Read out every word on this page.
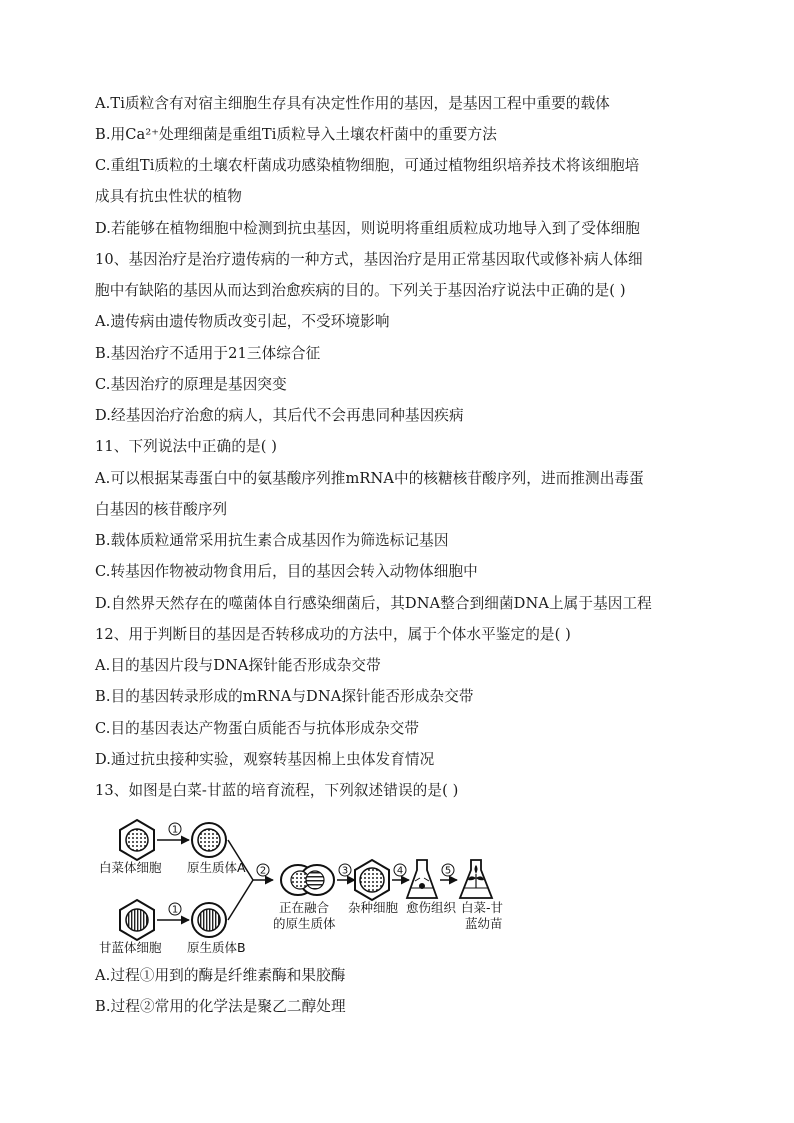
A.Ti质粒含有对宿主细胞生存具有决定性作用的基因，是基因工程中重要的载体
B.用Ca²⁺处理细菌是重组Ti质粒导入土壤农杆菌中的重要方法
C.重组Ti质粒的土壤农杆菌成功感染植物细胞，可通过植物组织培养技术将该细胞培
成具有抗虫性状的植物
D.若能够在植物细胞中检测到抗虫基因，则说明将重组质粒成功地导入到了受体细胞
10、基因治疗是治疗遗传病的一种方式，基因治疗是用正常基因取代或修补病人体细
胞中有缺陷的基因从而达到治愈疾病的目的。下列关于基因治疗说法中正确的是( )
A.遗传病由遗传物质改变引起，不受环境影响
B.基因治疗不适用于21三体综合征
C.基因治疗的原理是基因突变
D.经基因治疗治愈的病人，其后代不会再患同种基因疾病
11、下列说法中正确的是( )
A.可以根据某毒蛋白中的氨基酸序列推mRNA中的核糖核苷酸序列，进而推测出毒蛋
白基因的核苷酸序列
B.载体质粒通常采用抗生素合成基因作为筛选标记基因
C.转基因作物被动物食用后，目的基因会转入动物体细胞中
D.自然界天然存在的噬菌体自行感染细菌后，其DNA整合到细菌DNA上属于基因工程
12、用于判断目的基因是否转移成功的方法中，属于个体水平鉴定的是( )
A.目的基因片段与DNA探针能否形成杂交带
B.目的基因转录形成的mRNA与DNA探针能否形成杂交带
C.目的基因表达产物蛋白质能否与抗体形成杂交带
D.通过抗虫接种实验，观察转基因棉上虫体发育情况
13、如图是白菜-甘蓝的培育流程，下列叙述错误的是( )
1
白菜体细胞 原生质体A
1
甘蓝体细胞 原生质体B
2
正在融合
的原生质体
3
杂种细胞
4
愈伤组织
5
白菜-甘
蓝幼苗
A.过程①用到的酶是纤维素酶和果胶酶
B.过程②常用的化学法是聚乙二醇处理
